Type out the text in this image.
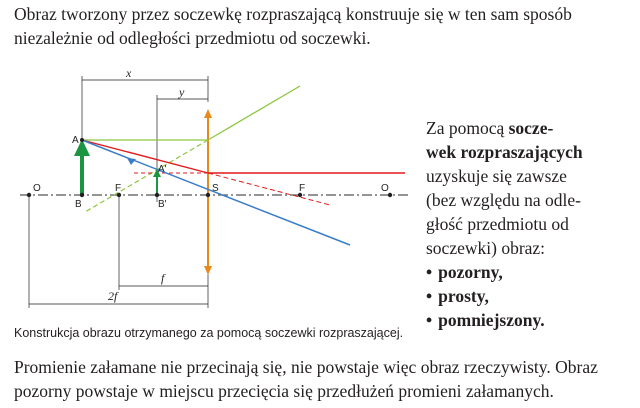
Obraz tworzony przez soczewkę rozpraszającą konstruuje się w ten sam sposób niezależnie od odległości przedmiotu od soczewki.

x
y
f
2f
A
A'
B	B'
O	F	S	F	O

Za pomocą socze-

wek rozpraszających

uzyskuje się zawsze

(bez względu na odle-

głość przedmiotu od

soczewki) obraz:

• pozorny,
• prosty,
• pomniejszony.
Konstrukcja obrazu otrzymanego za pomocą soczewki rozpraszającej.

Promienie załamane nie przecinają się, nie powstaje więc obraz rzeczywisty. Obraz pozorny powstaje w miejscu przecięcia się przedłużeń promieni załamanych.
